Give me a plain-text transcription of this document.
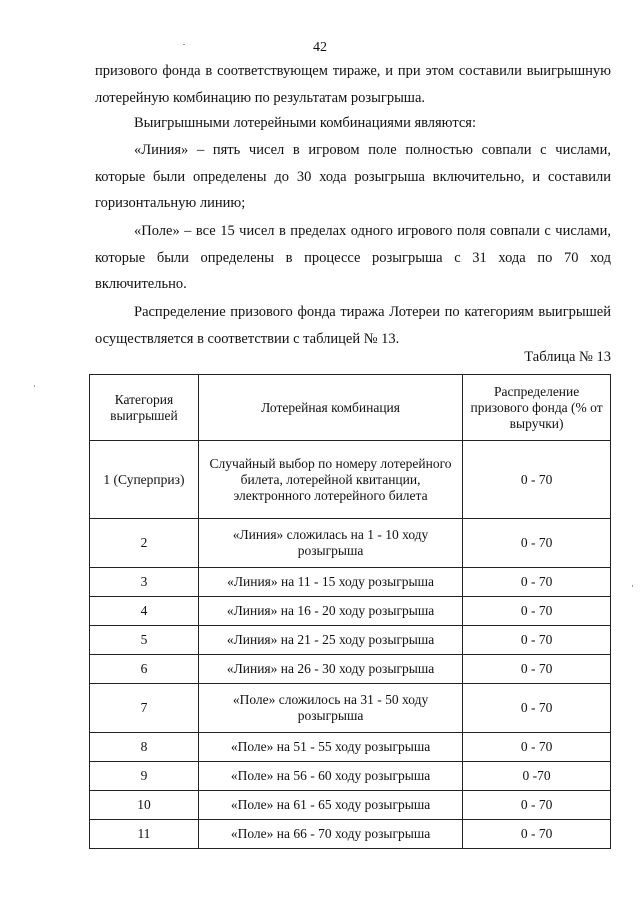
42

призового фонда в соответствующем тираже, и при этом составили выигрышную лотерейную комбинацию по результатам розыгрыша.

Выигрышными лотерейными комбинациями являются:

«Линия» – пять чисел в игровом поле полностью совпали с числами, которые были определены до 30 хода розыгрыша включительно, и составили горизонтальную линию;

«Поле» – все 15 чисел в пределах одного игрового поля совпали с числами, которые были определены в процессе розыгрыша с 31 хода по 70 ход включительно.

Распределение призового фонда тиража Лотереи по категориям выигрышей осуществляется в соответствии с таблицей № 13.

Таблица № 13
Категория выигрышей	Лотерейная комбинация	Распределение призового фонда (% от выручки)
1 (Суперприз)	Случайный выбор по номеру лотерейного билета, лотерейной квитанции, электронного лотерейного билета	0 - 70
2	«Линия» сложилась на 1 - 10 ходу розыгрыша	0 - 70
3	«Линия» на 11 - 15 ходу розыгрыша	0 - 70
4	«Линия» на 16 - 20 ходу розыгрыша	0 - 70
5	«Линия» на 21 - 25 ходу розыгрыша	0 - 70
6	«Линия» на 26 - 30 ходу розыгрыша	0 - 70
7	«Поле» сложилось на 31 - 50 ходу розыгрыша	0 - 70
8	«Поле» на 51 - 55 ходу розыгрыша	0 - 70
9	«Поле» на 56 - 60 ходу розыгрыша	0 -70
10	«Поле» на 61 - 65 ходу розыгрыша	0 - 70
11	«Поле» на 66 - 70 ходу розыгрыша	0 - 70
